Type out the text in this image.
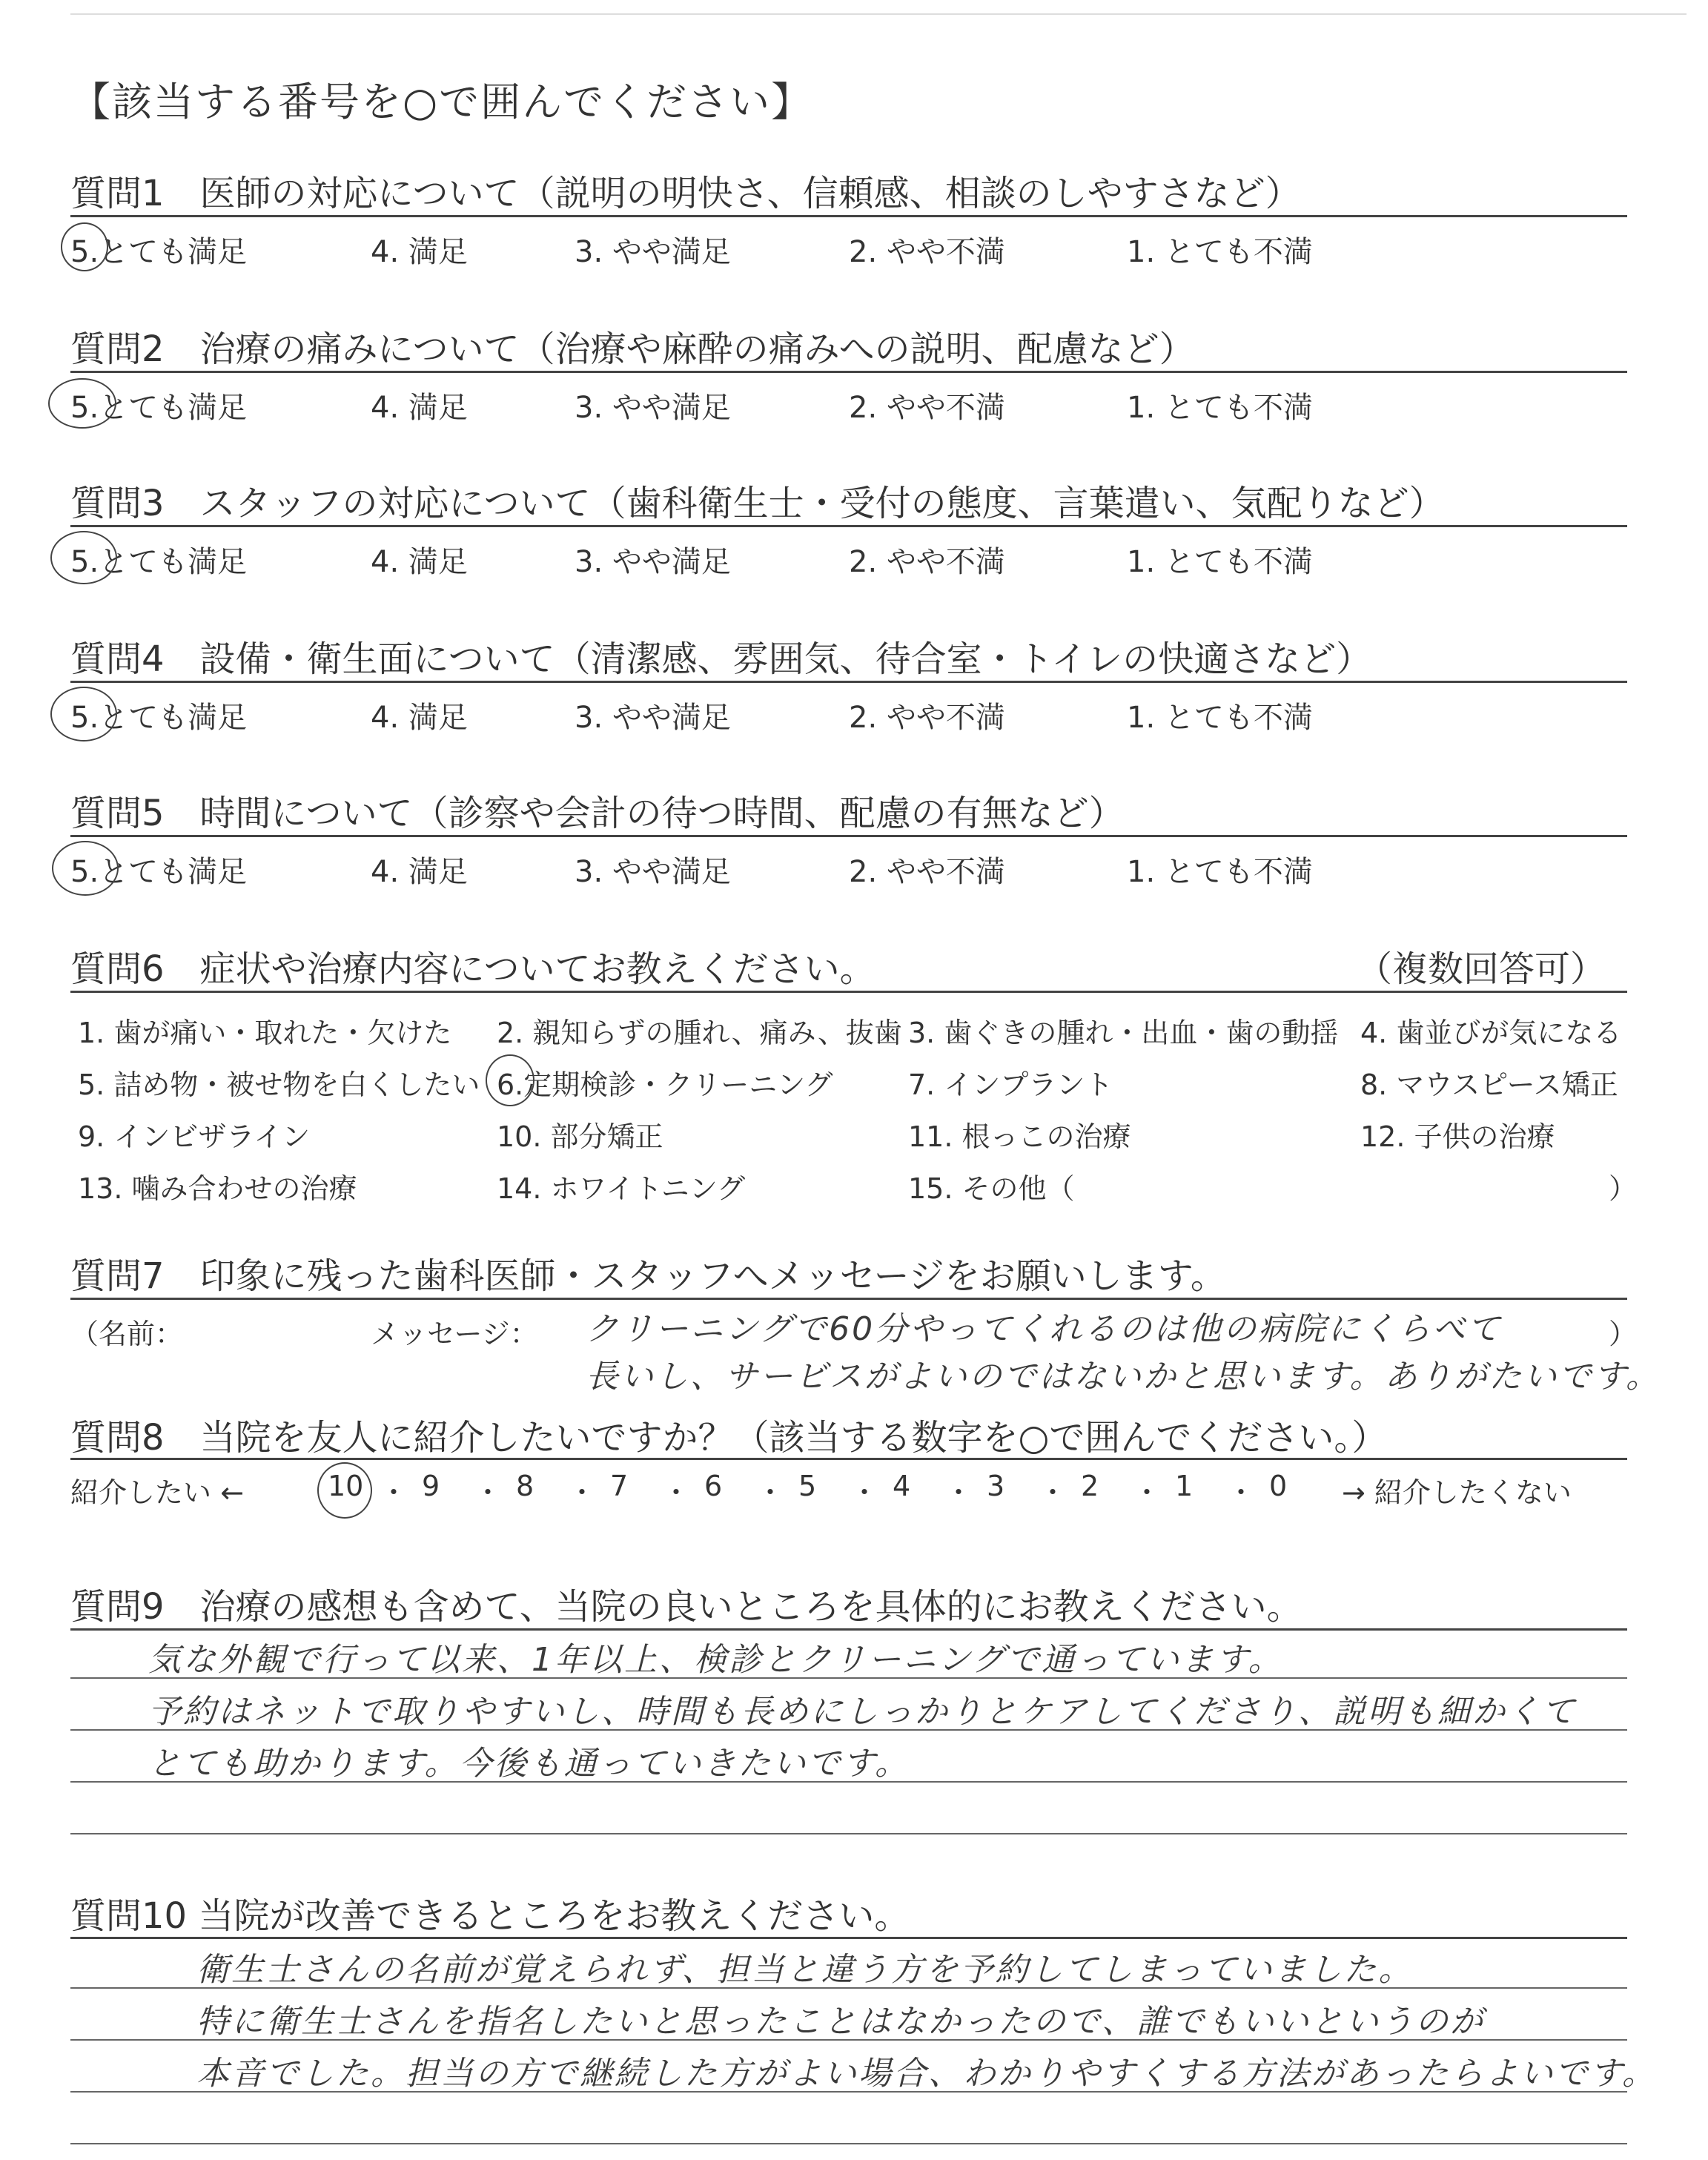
【該当する番号を○で囲んでください】
質問1　医師の対応について（説明の明快さ、信頼感、相談のしやすさなど）
5.とても満足	4. 満足	3. やや満足	2. やや不満	1. とても不満
質問2　治療の痛みについて（治療や麻酔の痛みへの説明、配慮など）
5.とても満足	4. 満足	3. やや満足	2. やや不満	1. とても不満
質問3　スタッフの対応について（歯科衛生士・受付の態度、言葉遣い、気配りなど）
5.とても満足	4. 満足	3. やや満足	2. やや不満	1. とても不満
質問4　設備・衛生面について（清潔感、雰囲気、待合室・トイレの快適さなど）
5.とても満足	4. 満足	3. やや満足	2. やや不満	1. とても不満
質問5　時間について（診察や会計の待つ時間、配慮の有無など）
5.とても満足	4. 満足	3. やや満足	2. やや不満	1. とても不満
質問6　症状や治療内容についてお教えください。	（複数回答可）
1. 歯が痛い・取れた・欠けた 2. 親知らずの腫れ、痛み、抜歯 3. 歯ぐきの腫れ・出血・歯の動揺 4. 歯並びが気になる
5. 詰め物・被せ物を白くしたい 6.定期検診・クリーニング	7. インプラント	8. マウスピース矯正
9. インビザライン	10. 部分矯正	11. 根っこの治療	12. 子供の治療
13. 噛み合わせの治療	14. ホワイトニング	15. その他（	）
質問7　印象に残った歯科医師・スタッフへメッセージをお願いします。
（名前：	メッセージ：	）
クリーニングで60分やってくれるのは他の病院にくらべて
長いし、サービスがよいのではないかと思います。ありがたいです。
質問8　当院を友人に紹介したいですか？（該当する数字を○で囲んでください。）
紹介したい ←	→ 紹介したくない
10 ・ 9 ・ 8 ・ 7 ・ 6 ・ 5 ・ 4 ・ 3 ・ 2 ・ 1 ・ 0
質問9　治療の感想も含めて、当院の良いところを具体的にお教えください。
気な外観で行って以来、1年以上、検診とクリーニングで通っています。
予約はネットで取りやすいし、時間も長めにしっかりとケアしてくださり、説明も細かくて
とても助かります。今後も通っていきたいです。
質問10 当院が改善できるところをお教えください。
衛生士さんの名前が覚えられず、担当と違う方を予約してしまっていました。
特に衛生士さんを指名したいと思ったことはなかったので、誰でもいいというのが
本音でした。担当の方で継続した方がよい場合、わかりやすくする方法があったらよいです。
